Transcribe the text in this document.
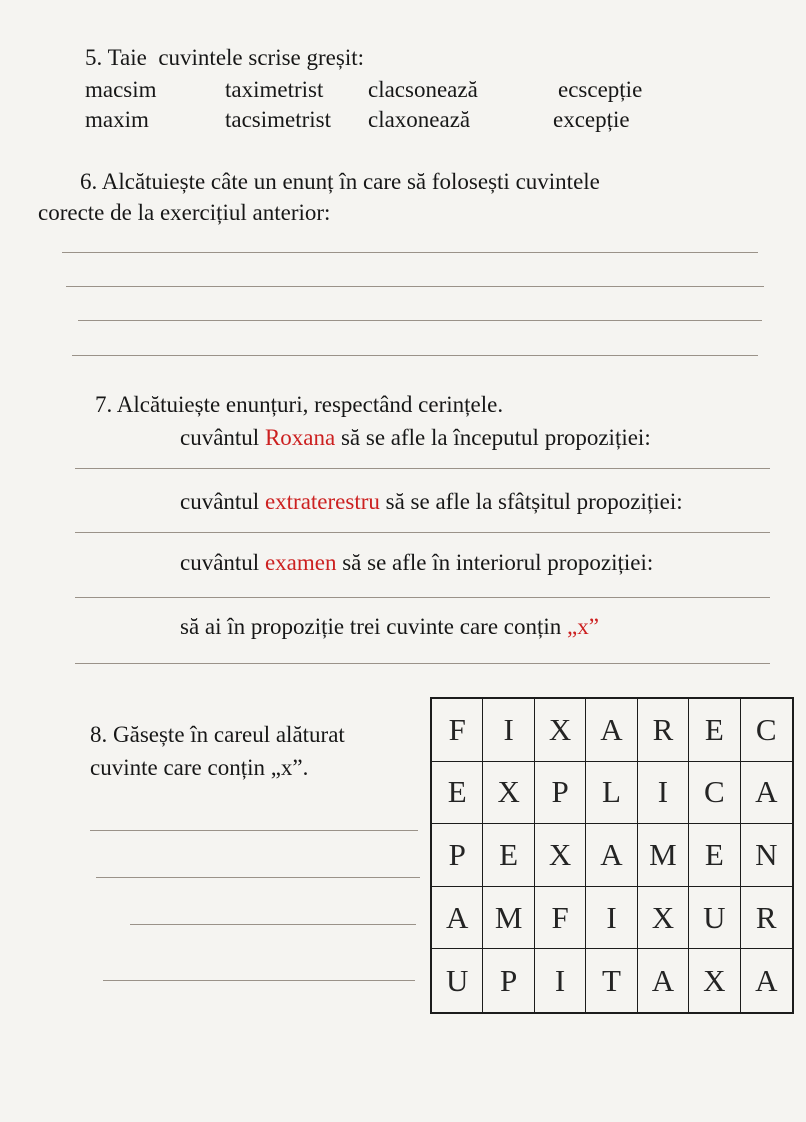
5. Taie  cuvintele scrise greșit:
macsim	taximetrist clacsonează	ecscepție
maxim	tacsimetrist claxonează	excepție
6. Alcătuiește câte un enunț în care să folosești cuvintele
corecte de la exercițiul anterior:
7. Alcătuiește enunțuri, respectând cerințele.
cuvântul Roxana să se afle la începutul propoziției:
cuvântul extraterestru să se afle la sfâtșitul propoziției:
cuvântul examen să se afle în interiorul propoziției:
să ai în propoziție trei cuvinte care conțin „x”
8. Găsește în careul alăturat
cuvinte care conțin „x”.
F	I	X A R	E	C
E X	P	L	I	C A
P	E X A M E	N
A M F	I	X U R
U	P	I	T A X A
